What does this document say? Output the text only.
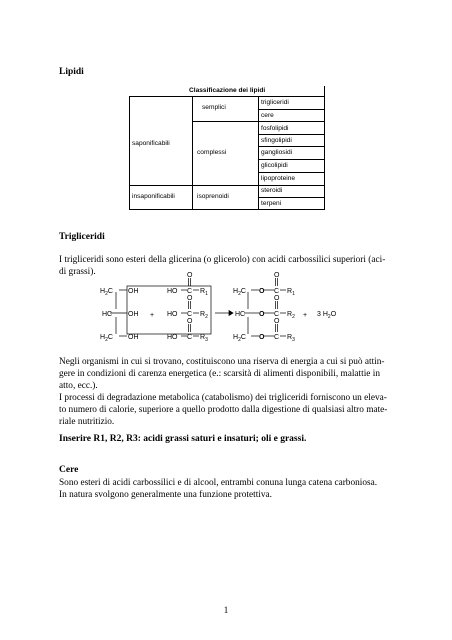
Lipidi
Classificazione dei lipidi
saponificabili
insaponificabili
semplici
complessi
isoprenoidi
trigliceridi
cere
fosfolipidi
sfingolipidi
gangliosidi
glicolipidi
lipoproteine
steroidi
terpeni
Trigliceridi
I trigliceridi sono esteri della glicerina (o glicerolo) con acidi carbossilici superiori (aci-
di grassi).
$H_2C$
HC
$H_2C$
OH
OH
OH
+
HO
HO
HO
O
O
O
C
C
C
$R_1$
$R_2$
$R_3$
$H_2C$
HC
$H_2C$
O
O
O
O
O
O
C
C
C
$R_1$
$R_2$
$R_3$
+ 3 $H_2O$
Negli organismi in cui si trovano, costituiscono una riserva di energia a cui si può attin-
gere in condizioni di carenza energetica (e.: scarsità di alimenti disponibili, malattie in
atto, ecc.).
I processi di degradazione metabolica (catabolismo) dei trigliceridi forniscono un eleva-
to numero di calorie, superiore a quello prodotto dalla digestione di qualsiasi altro mate-
riale nutritizio.
Inserire R1, R2, R3: acidi grassi saturi e insaturi; oli e grassi.
Cere
Sono esteri di acidi carbossilici e di alcool, entrambi conuna lunga catena carboniosa.
In natura svolgono generalmente una funzione protettiva.
1
